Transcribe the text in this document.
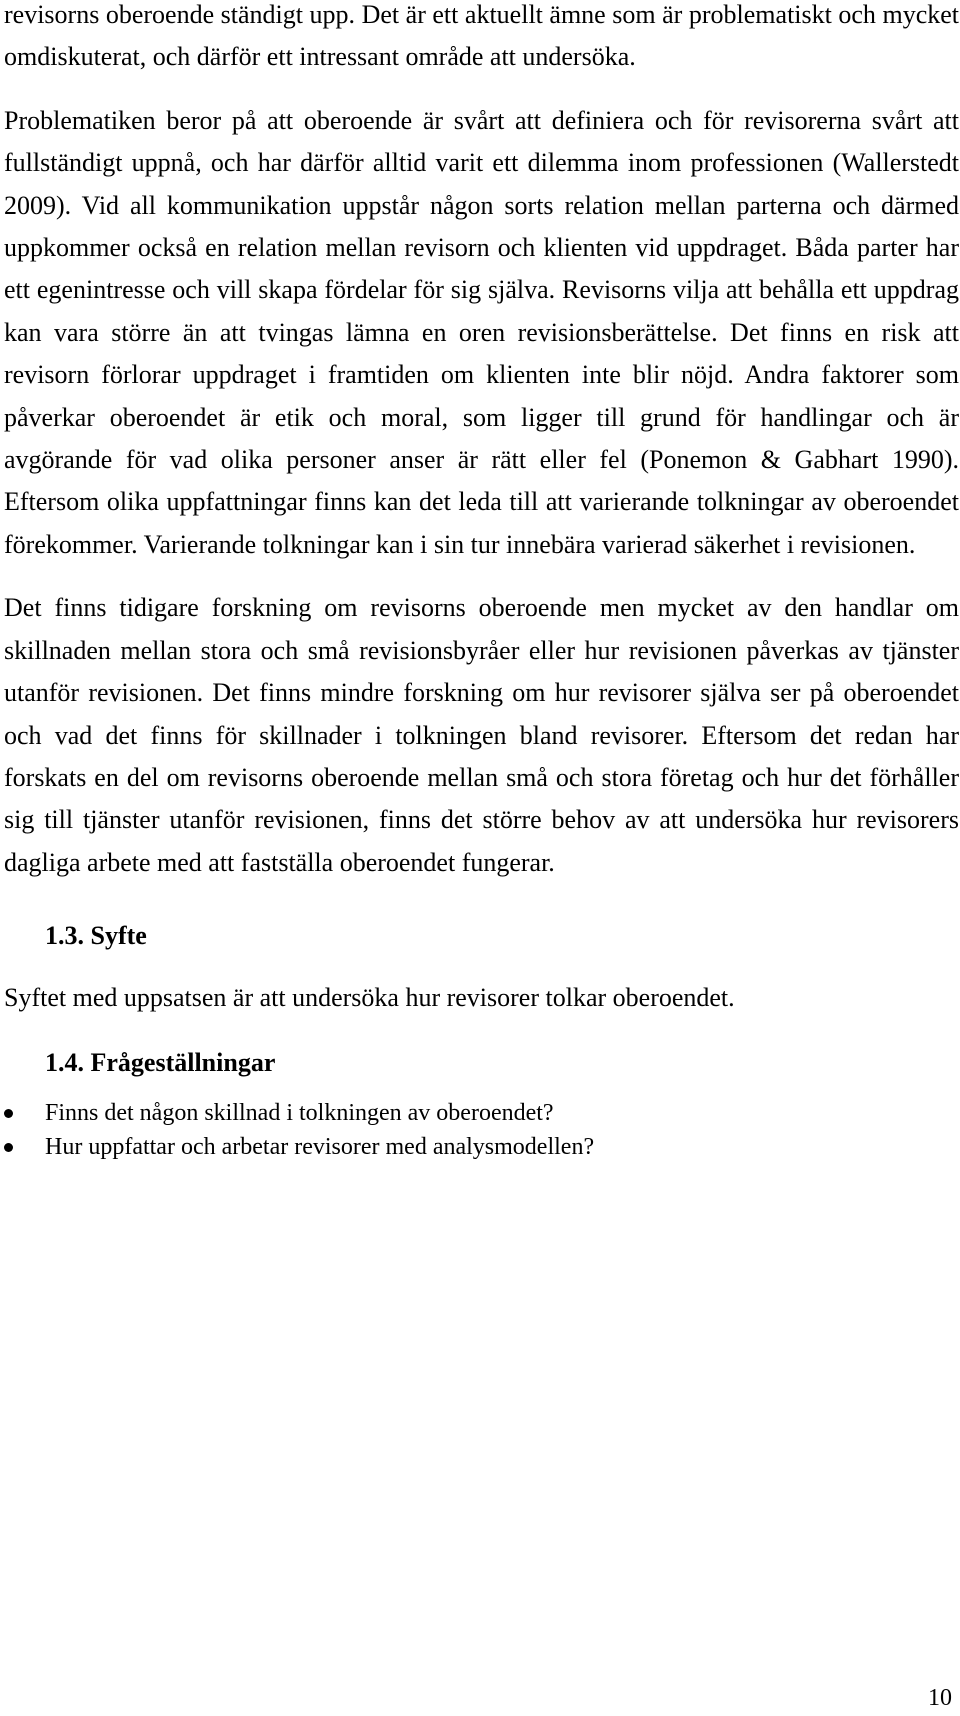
revisorns oberoende ständigt upp. Det är ett aktuellt ämne som är problematiskt och mycket omdiskuterat, och därför ett intressant område att undersöka.

Problematiken beror på att oberoende är svårt att definiera och för revisorerna svårt att fullständigt uppnå, och har därför alltid varit ett dilemma inom professionen (Wallerstedt 2009). Vid all kommunikation uppstår någon sorts relation mellan parterna och därmed uppkommer också en relation mellan revisorn och klienten vid uppdraget. Båda parter har ett egenintresse och vill skapa fördelar för sig själva. Revisorns vilja att behålla ett uppdrag kan vara större än att tvingas lämna en oren revisionsberättelse. Det finns en risk att revisorn förlorar uppdraget i framtiden om klienten inte blir nöjd. Andra faktorer som påverkar oberoendet är etik och moral, som ligger till grund för handlingar och är avgörande för vad olika personer anser är rätt eller fel (Ponemon & Gabhart 1990). Eftersom olika uppfattningar finns kan det leda till att varierande tolkningar av oberoendet förekommer. Varierande tolkningar kan i sin tur innebära varierad säkerhet i revisionen.

Det finns tidigare forskning om revisorns oberoende men mycket av den handlar om skillnaden mellan stora och små revisionsbyråer eller hur revisionen påverkas av tjänster utanför revisionen. Det finns mindre forskning om hur revisorer själva ser på oberoendet och vad det finns för skillnader i tolkningen bland revisorer. Eftersom det redan har forskats en del om revisorns oberoende mellan små och stora företag och hur det förhåller sig till tjänster utanför revisionen, finns det större behov av att undersöka hur revisorers dagliga arbete med att fastställa oberoendet fungerar.

1.3. Syfte

Syftet med uppsatsen är att undersöka hur revisorer tolkar oberoendet.

1.4. Frågeställningar
Finns det någon skillnad i tolkningen av oberoendet?
Hur uppfattar och arbetar revisorer med analysmodellen?
10
